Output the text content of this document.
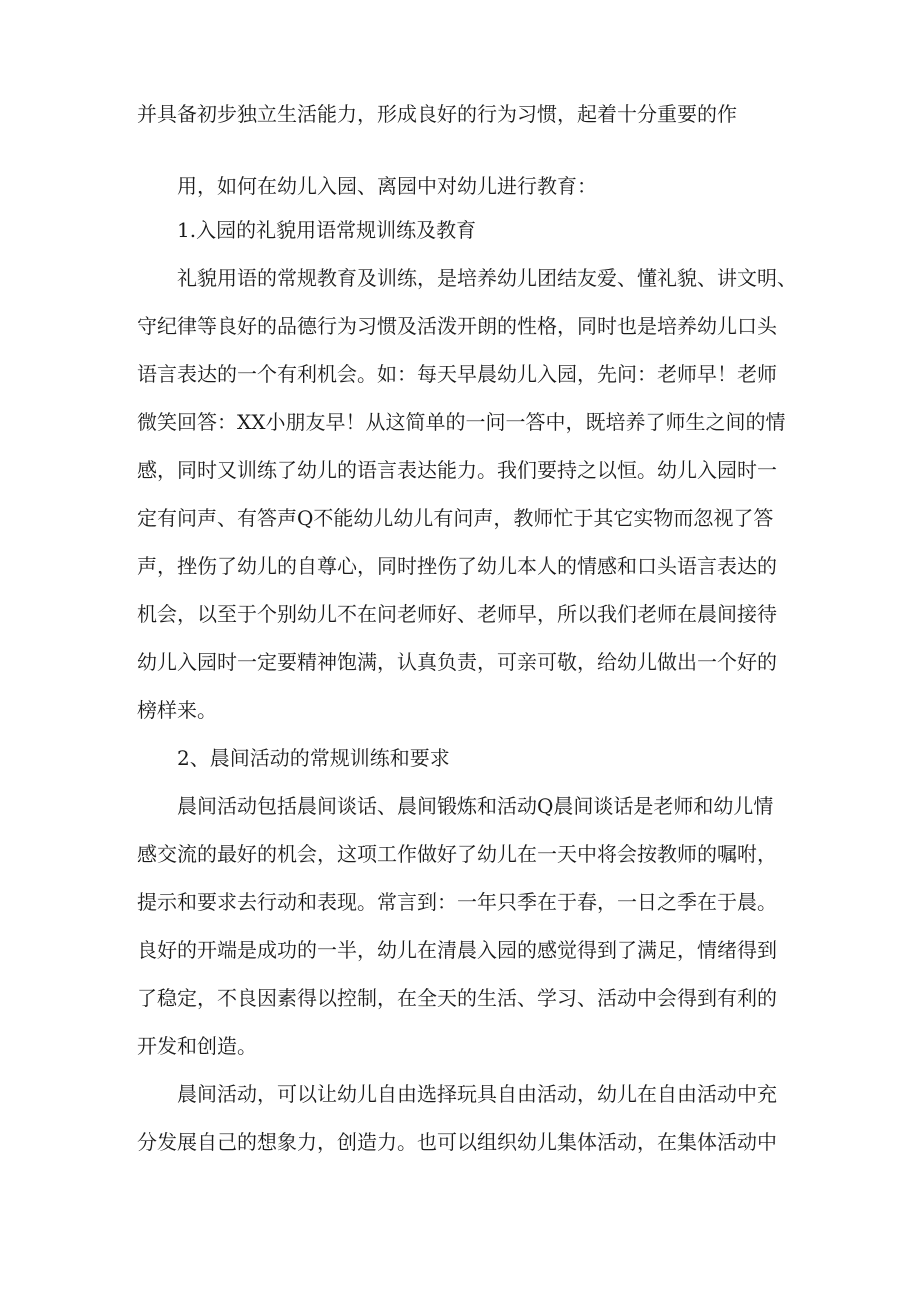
并具备初步独立生活能力，形成良好的行为习惯，起着十分重要的作
用，如何在幼儿入园、离园中对幼儿进行教育：
1.入园的礼貌用语常规训练及教育
礼貌用语的常规教育及训练，是培养幼儿团结友爱、懂礼貌、讲文明、
守纪律等良好的品德行为习惯及活泼开朗的性格，同时也是培养幼儿口头
语言表达的一个有利机会。如：每天早晨幼儿入园，先问：老师早！老师
微笑回答：XX小朋友早！从这简单的一问一答中，既培养了师生之间的情
感，同时又训练了幼儿的语言表达能力。我们要持之以恒。幼儿入园时一
定有问声、有答声Q不能幼儿幼儿有问声，教师忙于其它实物而忽视了答
声，挫伤了幼儿的自尊心，同时挫伤了幼儿本人的情感和口头语言表达的
机会，以至于个别幼儿不在问老师好、老师早，所以我们老师在晨间接待
幼儿入园时一定要精神饱满，认真负责，可亲可敬，给幼儿做出一个好的
榜样来。
2、晨间活动的常规训练和要求
晨间活动包括晨间谈话、晨间锻炼和活动Q晨间谈话是老师和幼儿情
感交流的最好的机会，这项工作做好了幼儿在一天中将会按教师的嘱咐，
提示和要求去行动和表现。常言到：一年只季在于春，一日之季在于晨。
良好的开端是成功的一半，幼儿在清晨入园的感觉得到了满足，情绪得到
了稳定，不良因素得以控制，在全天的生活、学习、活动中会得到有利的
开发和创造。
晨间活动，可以让幼儿自由选择玩具自由活动，幼儿在自由活动中充
分发展自己的想象力，创造力。也可以组织幼儿集体活动，在集体活动中
